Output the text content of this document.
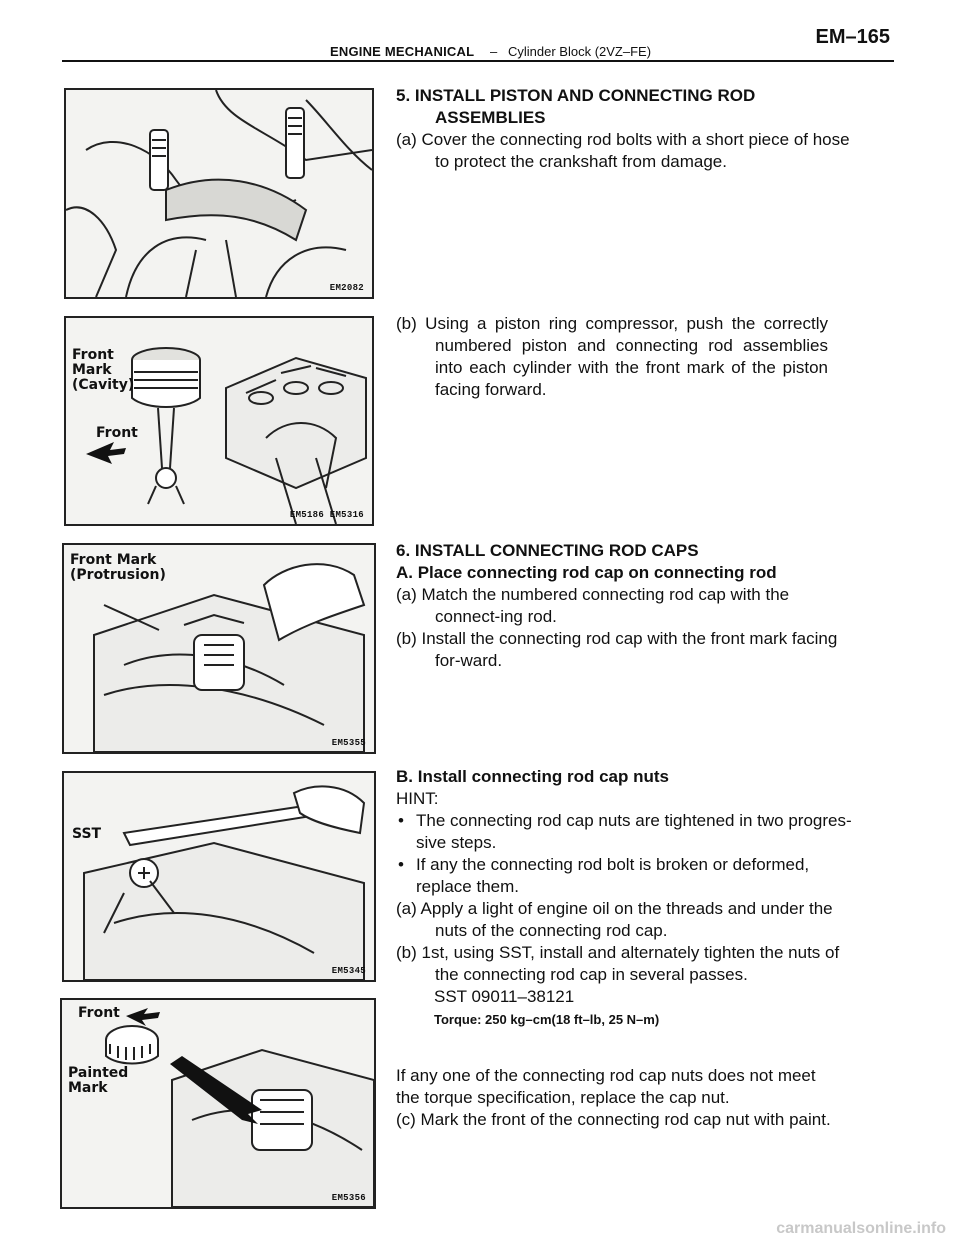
ENGINE MECHANICAL – Cylinder Block (2VZ–FE)
EM–165
EM2082
Front Mark (Cavity)
Front
EM5186 EM5316
Front Mark (Protrusion)
EM5355
SST
EM5345
Front
Painted Mark
EM5356

5. INSTALL PISTON AND CONNECTING ROD ASSEMBLIES

(a) Cover the connecting rod bolts with a short piece of hose to protect the crankshaft from damage.

(b) Using a piston ring compressor, push the correctly numbered piston and connecting rod assemblies into each cylinder with the front mark of the piston facing forward.

6. INSTALL CONNECTING ROD CAPS

A. Place connecting rod cap on connecting rod

(a) Match the numbered connecting rod cap with the connect-ing rod.

(b) Install the connecting rod cap with the front mark facing for-ward.

B. Install connecting rod cap nuts

HINT:

• The connecting rod cap nuts are tightened in two progres-sive steps.

• If any the connecting rod bolt is broken or deformed, replace them.

(a) Apply a light of engine oil on the threads and under the nuts of the connecting rod cap.

(b) 1st, using SST, install and alternately tighten the nuts of the connecting rod cap in several passes.

SST 09011–38121

Torque: 250 kg–cm(18 ft–lb, 25 N–m)

If any one of the connecting rod cap nuts does not meet the torque specification, replace the cap nut.

(c) Mark the front of the connecting rod cap nut with paint.

carmanualsonline.info
